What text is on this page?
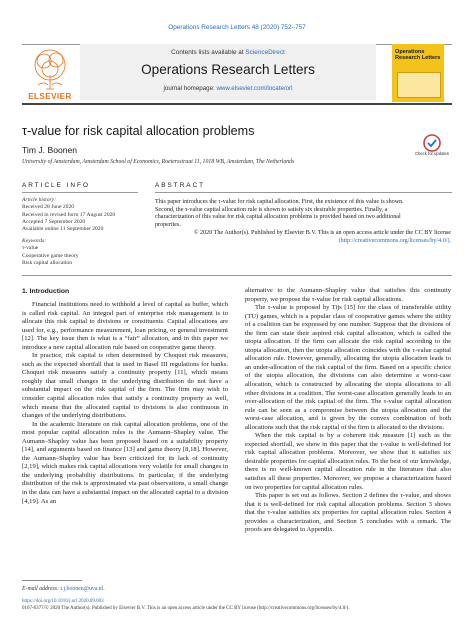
Operations Research Letters 48 (2020) 752–757
ELSEVIER
Contents lists available at ScienceDirect
Operations Research Letters
journal homepage: www.elsevier.com/locate/orl
Operations Research Letters
τ-value for risk capital allocation problems
Tim J. Boonen
University of Amsterdam, Amsterdam School of Economics, Roetersstraat 11, 1018 WB, Amsterdam, The Netherlands
Check for updates
ARTICLE INFO	ABSTRACT
Article history:
Received 28 June 2020
Received in revised form 17 August 2020
Accepted 7 September 2020
Available online 11 September 2020
Keywords:
τ-value
Cooperative game theory
Risk capital allocation
This paper introduces the τ-value for risk capital allocation. First, the existence of this value is shown.
Second, the τ-value capital allocation rule is shown to satisfy six desirable properties. Finally, a
characterization of this value for risk capital allocation problems is provided based on two additional
properties.
© 2020 The Author(s). Published by Elsevier B.V. This is an open access article under the CC BY license
(http://creativecommons.org/licenses/by/4.0/).
1. Introduction

Financial institutions need to withhold a level of capital as buffer, which is called risk capital. An integral part of enterprise risk management is to allocate this risk capital to divisions or constituents. Capital allocations are used for, e.g., performance measurement, loan pricing, or general investment [12]. The key issue then is what is a “fair” allocation, and in this paper we introduce a new capital allocation rule based on cooperative game theory.

In practice, risk capital is often determined by Choquet risk measures, such as the expected shortfall that is used in Basel III regulations for banks. Choquet risk measures satisfy a continuity property [11], which means roughly that small changes in the underlying distribution do not have a substantial impact on the risk capital of the firm. The firm may wish to consider capital allocation rules that satisfy a continuity property as well, which means that the allocated capital to divisions is also continuous in changes of the underlying distributions.

In the academic literature on risk capital allocation problems, one of the most popular capital allocation rules is the Aumann–Shapley value. The Aumann–Shapley value has been proposed based on a suitability property [14], and arguments based on finance [13] and game theory [8,18]. However, the Aumann–Shapley value has been criticized for its lack of continuity [2,19], which makes risk capital allocations very volatile for small changes in the underlying probability distributions. In particular, if the underlying distribution of the risk is approximated via past observations, a small change in the data can have a substantial impact on the allocated capital to a division [4,19]. As an

alternative to the Aumann–Shapley value that satisfies this continuity property, we propose the τ-value for risk capital allocations.

The τ-value is proposed by Tijs [15] for the class of transferable utility (TU) games, which is a popular class of cooperative games where the utility of a coalition can be expressed by one number. Suppose that the divisions of the firm can state their aspired risk capital allocation, which is called the utopia allocation. If the firm can allocate the risk capital according to the utopia allocation, then the utopia allocation coincides with the τ-value capital allocation rule. However, generally, allocating the utopia allocation leads to an under-allocation of the risk capital of the firm. Based on a specific choice of the utopia allocation, the divisions can also determine a worst-case allocation, which is constructed by allocating the utopia allocations to all other divisions in a coalition. The worst-case allocation generally leads to an over-allocation of the risk capital of the firm. The τ-value capital allocation rule can be seen as a compromise between the utopia allocation and the worst-case allocation, and is given by the convex combination of both allocations such that the risk capital of the firm is allocated to the divisions.

When the risk capital is by a coherent risk measure [1] such as the expected shortfall, we show in this paper that the τ-value is well-defined for risk capital allocation problems. Moreover, we show that it satisfies six desirable properties for capital allocation rules. To the best of our knowledge, there is no well-known capital allocation rule in the literature that also satisfies all these properties. Moreover, we propose a characterization based on two properties for capital allocation rules.

This paper is set out as follows. Section 2 defines the τ-value, and shows that it is well-defined for risk capital allocation problems. Section 3 shows that the τ-value satisfies six properties for capital allocation rules. Section 4 provides a characterization, and Section 5 concludes with a remark. The proofs are delegated to Appendix.

E-mail address: t.j.boonen@uva.nl.
https://doi.org/10.1016/j.orl.2020.09.003
0167-6377/© 2020 The Author(s). Published by Elsevier B.V. This is an open access article under the CC BY license (http://creativecommons.org/licenses/by/4.0/).
